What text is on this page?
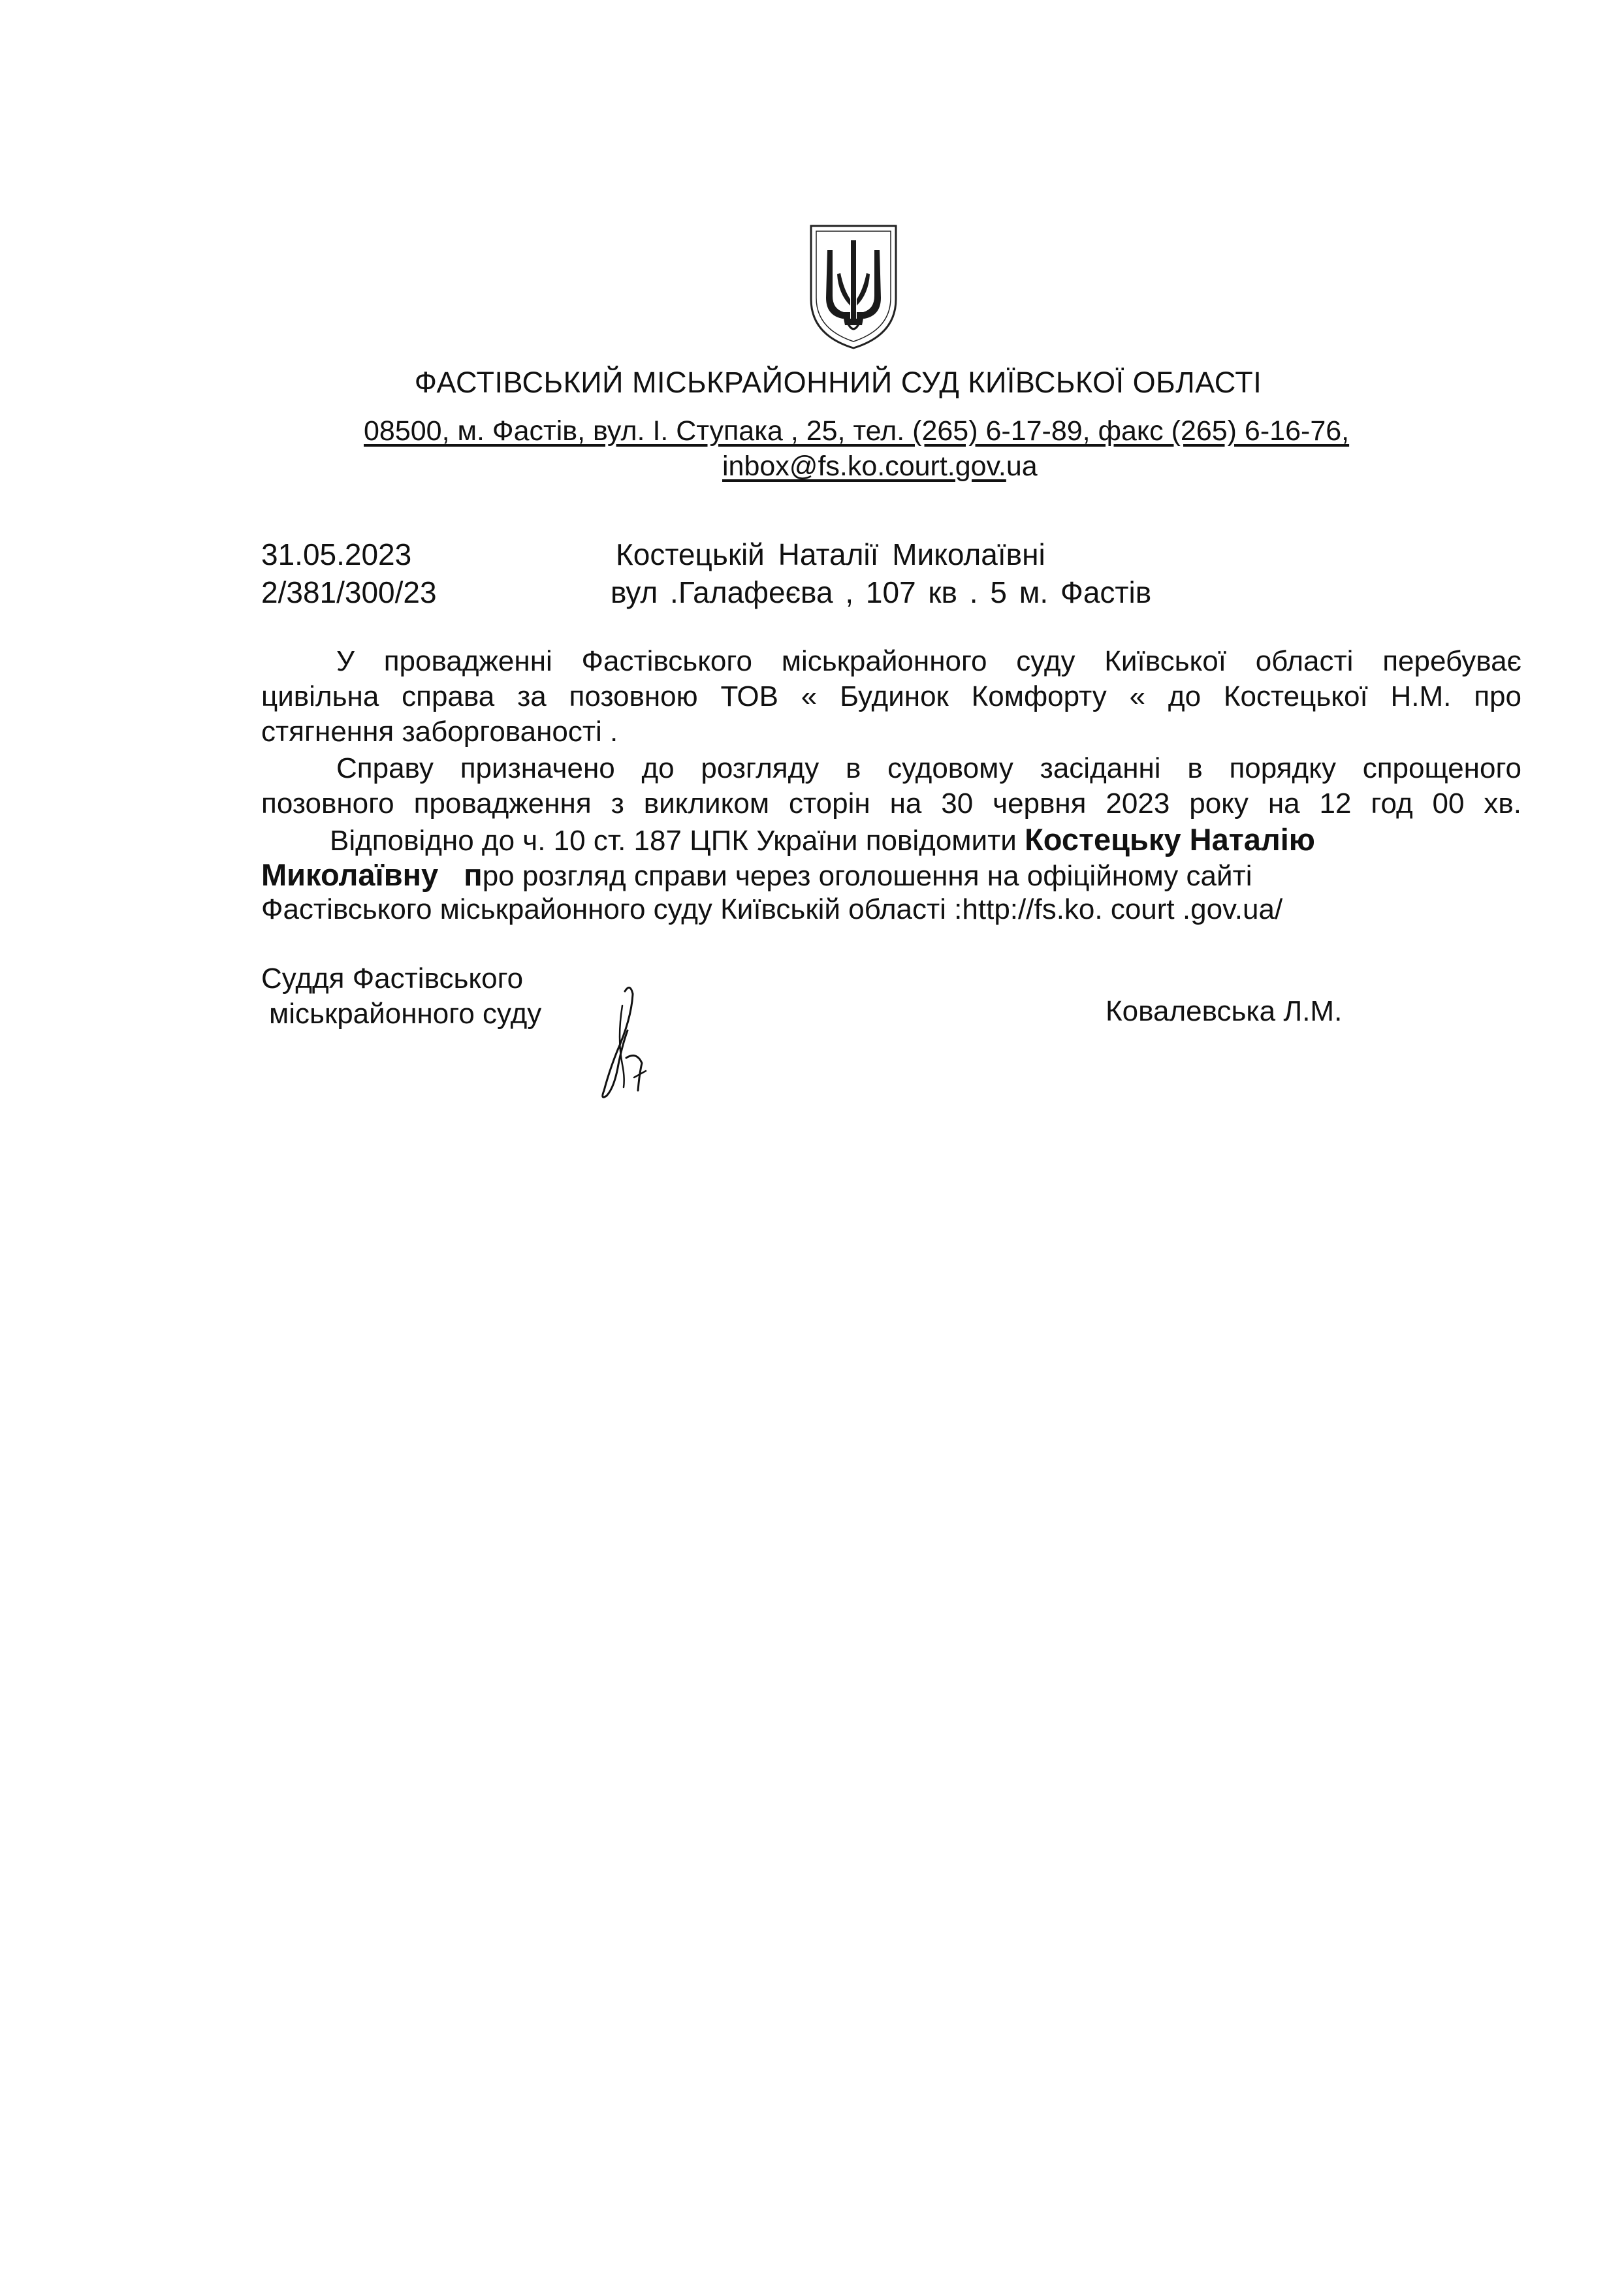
ФАСТІВСЬКИЙ МІСЬКРАЙОННИЙ СУД КИЇВСЬКОЇ ОБЛАСТІ
08500, м. Фастів, вул. І. Ступака , 25, тел. (265) 6-17-89, факс (265) 6-16-76,
inbox@fs.ko.court.gov.ua
31.05.2023
2/381/300/23
Костецькій Наталії Миколаївні
вул .Галафеєва , 107 кв . 5 м. Фастів
У провадженні Фастівського міськрайонного суду Київської області перебуває
цивільна справа за позовною ТОВ « Будинок Комфорту « до Костецької Н.М. про
стягнення заборгованості .
Справу призначено до розгляду в судовому засіданні в порядку спрощеного
позовного провадження з викликом сторін на 30 червня 2023 року на 12 год 00 хв.
Відповідно до ч. 10 ст. 187 ЦПК України повідомити Костецьку Наталію
Миколаївну   про розгляд справи через оголошення на офіційному сайті
Фастівського міськрайонного суду Київській області :http://fs.ko. court .gov.ua/
Суддя Фастівського
міськрайонного суду	Ковалевська Л.М.
